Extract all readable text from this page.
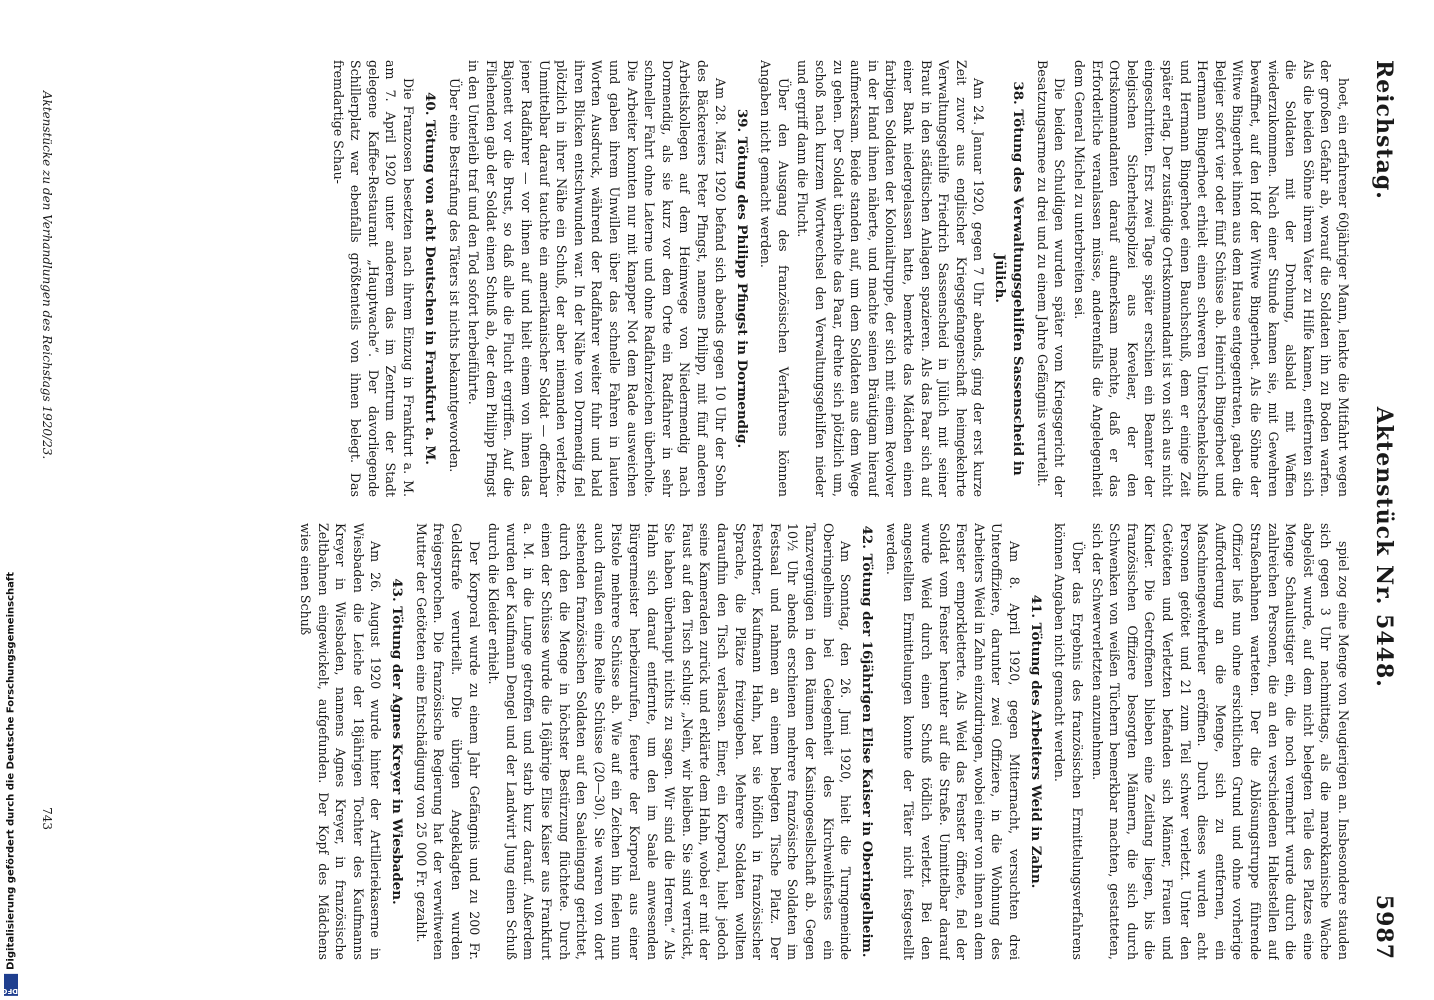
Reichstag.
Aktenstück Nr. 5448.
5987

hoet, ein erfahrener 60jähriger Mann, lenkte die Mitfahrt wegen der großen Gefahr ab, worauf die Soldaten ihn zu Boden warfen. Als die beiden Söhne ihrem Vater zu Hilfe kamen, entfernten sich die Soldaten mit der Drohung, alsbald mit Waffen wiederzukommen. Nach einer Stunde kamen sie, mit Gewehren bewaffnet, auf den Hof der Witwe Bingerhoet. Als die Söhne der Witwe Bingerhoet ihnen aus dem Hause entgegentraten, gaben die Belgier sofort vier oder fünf Schüsse ab. Heinrich Bingerhoet und Hermann Bingerhoet erhielt einen schweren Unterschenkelschuß und Hermann Bingerhoet einen Bauchschuß, dem er einige Zeit später erlag. Der zuständige Ortskommandant ist von sich aus nicht eingeschritten. Erst zwei Tage später erschien ein Beamter der belgischen Sicherheitspolizei aus Kevelaer, der den Ortskommandanten darauf aufmerksam machte, daß er das Erforderliche veranlassen müsse, anderenfalls die Angelegenheit dem General Michel zu unterbreiten sei.

Die beiden Schuldigen wurden später vom Kriegsgericht der Besatzungsarmee zu drei und zu einem Jahre Gefängnis verurteilt.

38. Tötung des Verwaltungsgehilfen Sassenscheid in Jülich.

Am 24. Januar 1920, gegen 7 Uhr abends, ging der erst kurze Zeit zuvor aus englischer Kriegsgefangenschaft heimgekehrte Verwaltungsgehilfe Friedrich Sassenscheid in Jülich mit seiner Braut in den städtischen Anlagen spazieren. Als das Paar sich auf einer Bank niedergelassen hatte, bemerkte das Mädchen einen farbigen Soldaten der Kolonialtruppe, der sich mit einem Revolver in der Hand ihnen näherte, und machte seinen Bräutigam hierauf aufmerksam. Beide standen auf, um dem Soldaten aus dem Wege zu gehen. Der Soldat überholte das Paar, drehte sich plötzlich um, schoß nach kurzem Wortwechsel den Verwaltungsgehilfen nieder und ergriff dann die Flucht.

Über den Ausgang des französischen Verfahrens können Angaben nicht gemacht werden.

39. Tötung des Philipp Pfingst in Dormendig.

Am 28. März 1920 befand sich abends gegen 10 Uhr der Sohn des Bäckereiers Peter Pfingst, namens Philipp, mit fünf anderen Arbeitskollegen auf dem Heimwege von Niedermendig nach Dormendig, als sie kurz vor dem Orte ein Radfahrer in sehr schneller Fahrt ohne Laterne und ohne Radfahrzeichen überholte. Die Arbeiter konnten nur mit knapper Not dem Rade ausweichen und gaben ihrem Unwillen über das schnelle Fahren in lauten Worten Ausdruck, während der Radfahrer weiter fuhr und bald ihren Blicken entschwunden war. In der Nähe von Dormendig fiel plötzlich in ihrer Nähe ein Schuß, der aber niemanden verletzte. Unmittelbar darauf tauchte ein amerikanischer Soldat — offenbar jener Radfahrer — vor ihnen auf und hielt einem von ihnen das Bajonett vor die Brust, so daß alle die Flucht ergriffen. Auf die Fliehenden gab der Soldat einen Schuß ab, der dem Philipp Pfingst in den Unterleib traf und den Tod sofort herbeiführte.

Über eine Bestrafung des Täters ist nichts bekanntgeworden.

40. Tötung von acht Deutschen in Frankfurt a. M.

Die Franzosen besetzten nach ihrem Einzug in Frankfurt a. M. am 7. April 1920 unter anderem das im Zentrum der Stadt gelegene Kaffee-Restaurant „Hauptwache“. Der davorliegende Schillerplatz war ebenfalls größtenteils von ihnen belegt. Das fremdartige Schau-

spiel zog eine Menge von Neugierigen an. Insbesondere stauden sich gegen 3 Uhr nachmittags, als die marokkanische Wache abgelöst wurde, auf dem nicht belegten Teile des Platzes eine Menge Schaulustiger ein, die noch vermehrt wurde durch die zahlreichen Personen, die an den verschiedenen Haltestellen auf Straßenbahnen warteten. Der die Ablösungstruppe führende Offizier ließ nun ohne ersichtlichen Grund und ohne vorherige Aufforderung an die Menge, sich zu entfernen, ein Maschinengewehrfeuer eröffnen. Durch dieses wurden acht Personen getötet und 21 zum Teil schwer verletzt. Unter den Getöteten und Verletzten befanden sich Männer, Frauen und Kinder. Die Getroffenen blieben eine Zeitlang liegen, bis die französischen Offiziere besorgten Männern, die sich durch Schwenken von weißen Tüchern bemerkbar machten, gestatteten, sich der Schwerverletzten anzunehmen.

Über das Ergebnis des französischen Ermittelungsverfahrens können Angaben nicht gemacht werden.

41. Tötung des Arbeiters Weid in Zahn.

Am 8. April 1920, gegen Mitternacht, versuchten drei Unteroffiziere, darunter zwei Offiziere, in die Wohnung des Arbeiters Weid in Zahn einzudringen, wobei einer von ihnen an dem Fenster emporkletterte. Als Weid das Fenster öffnete, fiel der Soldat vom Fenster herunter auf die Straße. Unmittelbar darauf wurde Weid durch einen Schuß tödlich verletzt. Bei den angestellten Ermittelungen konnte der Täter nicht festgestellt werden.

42. Tötung der 16jährigen Elise Kaiser in Oberingelheim.

Am Sonntag, den 26. Juni 1920, hielt die Turngemeinde Oberingelheim bei Gelegenheit des Kirchweihfestes ein Tanzvergnügen in den Räumen der Kasinogesellschaft ab. Gegen 10½ Uhr abends erschienen mehrere französische Soldaten im Festsaal und nahmen an einem belegten Tische Platz. Der Festordner, Kaufmann Hahn, bat sie höflich in französischer Sprache, die Plätze freizugeben. Mehrere Soldaten wollten daraufhin den Tisch verlassen. Einer, ein Korporal, hielt jedoch seine Kameraden zurück und erklärte dem Hahn, wobei er mit der Faust auf den Tisch schlug: „Nein, wir bleiben. Sie sind verrückt, Sie haben überhaupt nichts zu sagen. Wir sind die Herren.“ Als Hahn sich darauf entfernte, um den im Saale anwesenden Bürgermeister herbeizurufen, feuerte der Korporal aus einer Pistole mehrere Schüsse ab. Wie auf ein Zeichen hin fielen nun auch draußen eine Reihe Schüsse (20—30). Sie waren von dort stehenden französischen Soldaten auf den Saaleingang gerichtet, durch den die Menge in höchster Bestürzung flüchtete. Durch einen der Schüsse wurde die 16jährige Elise Kaiser aus Frankfurt a. M. in die Lunge getroffen und starb kurz darauf. Außerdem wurden der Kaufmann Dengel und der Landwirt Jung einen Schuß durch die Kleider erhielt.

Der Korporal wurde zu einem Jahr Gefängnis und zu 200 Fr. Geldstrafe verurteilt. Die übrigen Angeklagten wurden freigesprochen. Die französische Regierung hat der verwitweten Mutter der Getöteten eine Entschädigung von 25 000 Fr. gezahlt.

43. Tötung der Agnes Kreyer in Wiesbaden.

Am 26. August 1920 wurde hinter der Artilleriekaserne in Wiesbaden die Leiche der 18jährigen Tochter des Kaufmanns Kreyer in Wiesbaden, namens Agnes Kreyer, in französische Zeltbahnen eingewickelt, aufgefunden. Der Kopf des Mädchens wies einen Schuß

Aktenstücke zu den Verhandlungen des Reichstags 1920/23.
743
DFG
Digitalisierung gefördert durch die Deutsche Forschungsgemeinschaft
